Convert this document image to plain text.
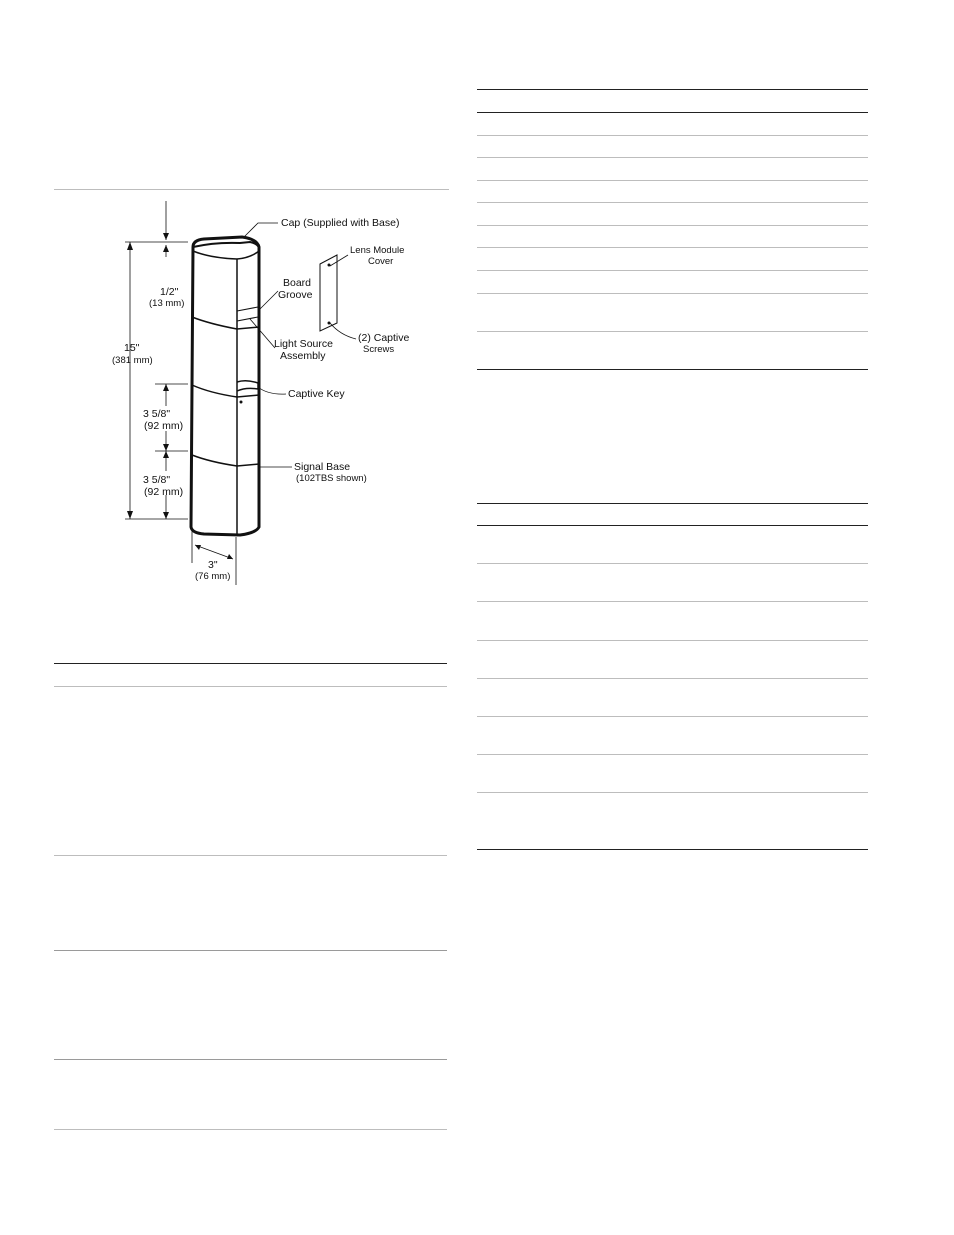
Cap (Supplied with Base)
Lens Module
Cover
Board
Groove
Light Source
Assembly
(2) Captive
Screws
Captive Key
Signal Base
(102TBS shown)
15"
(381 mm)
1/2"
(13 mm)
3 5/8"
(92 mm)
3 5/8"
(92 mm)
3"
(76 mm)
